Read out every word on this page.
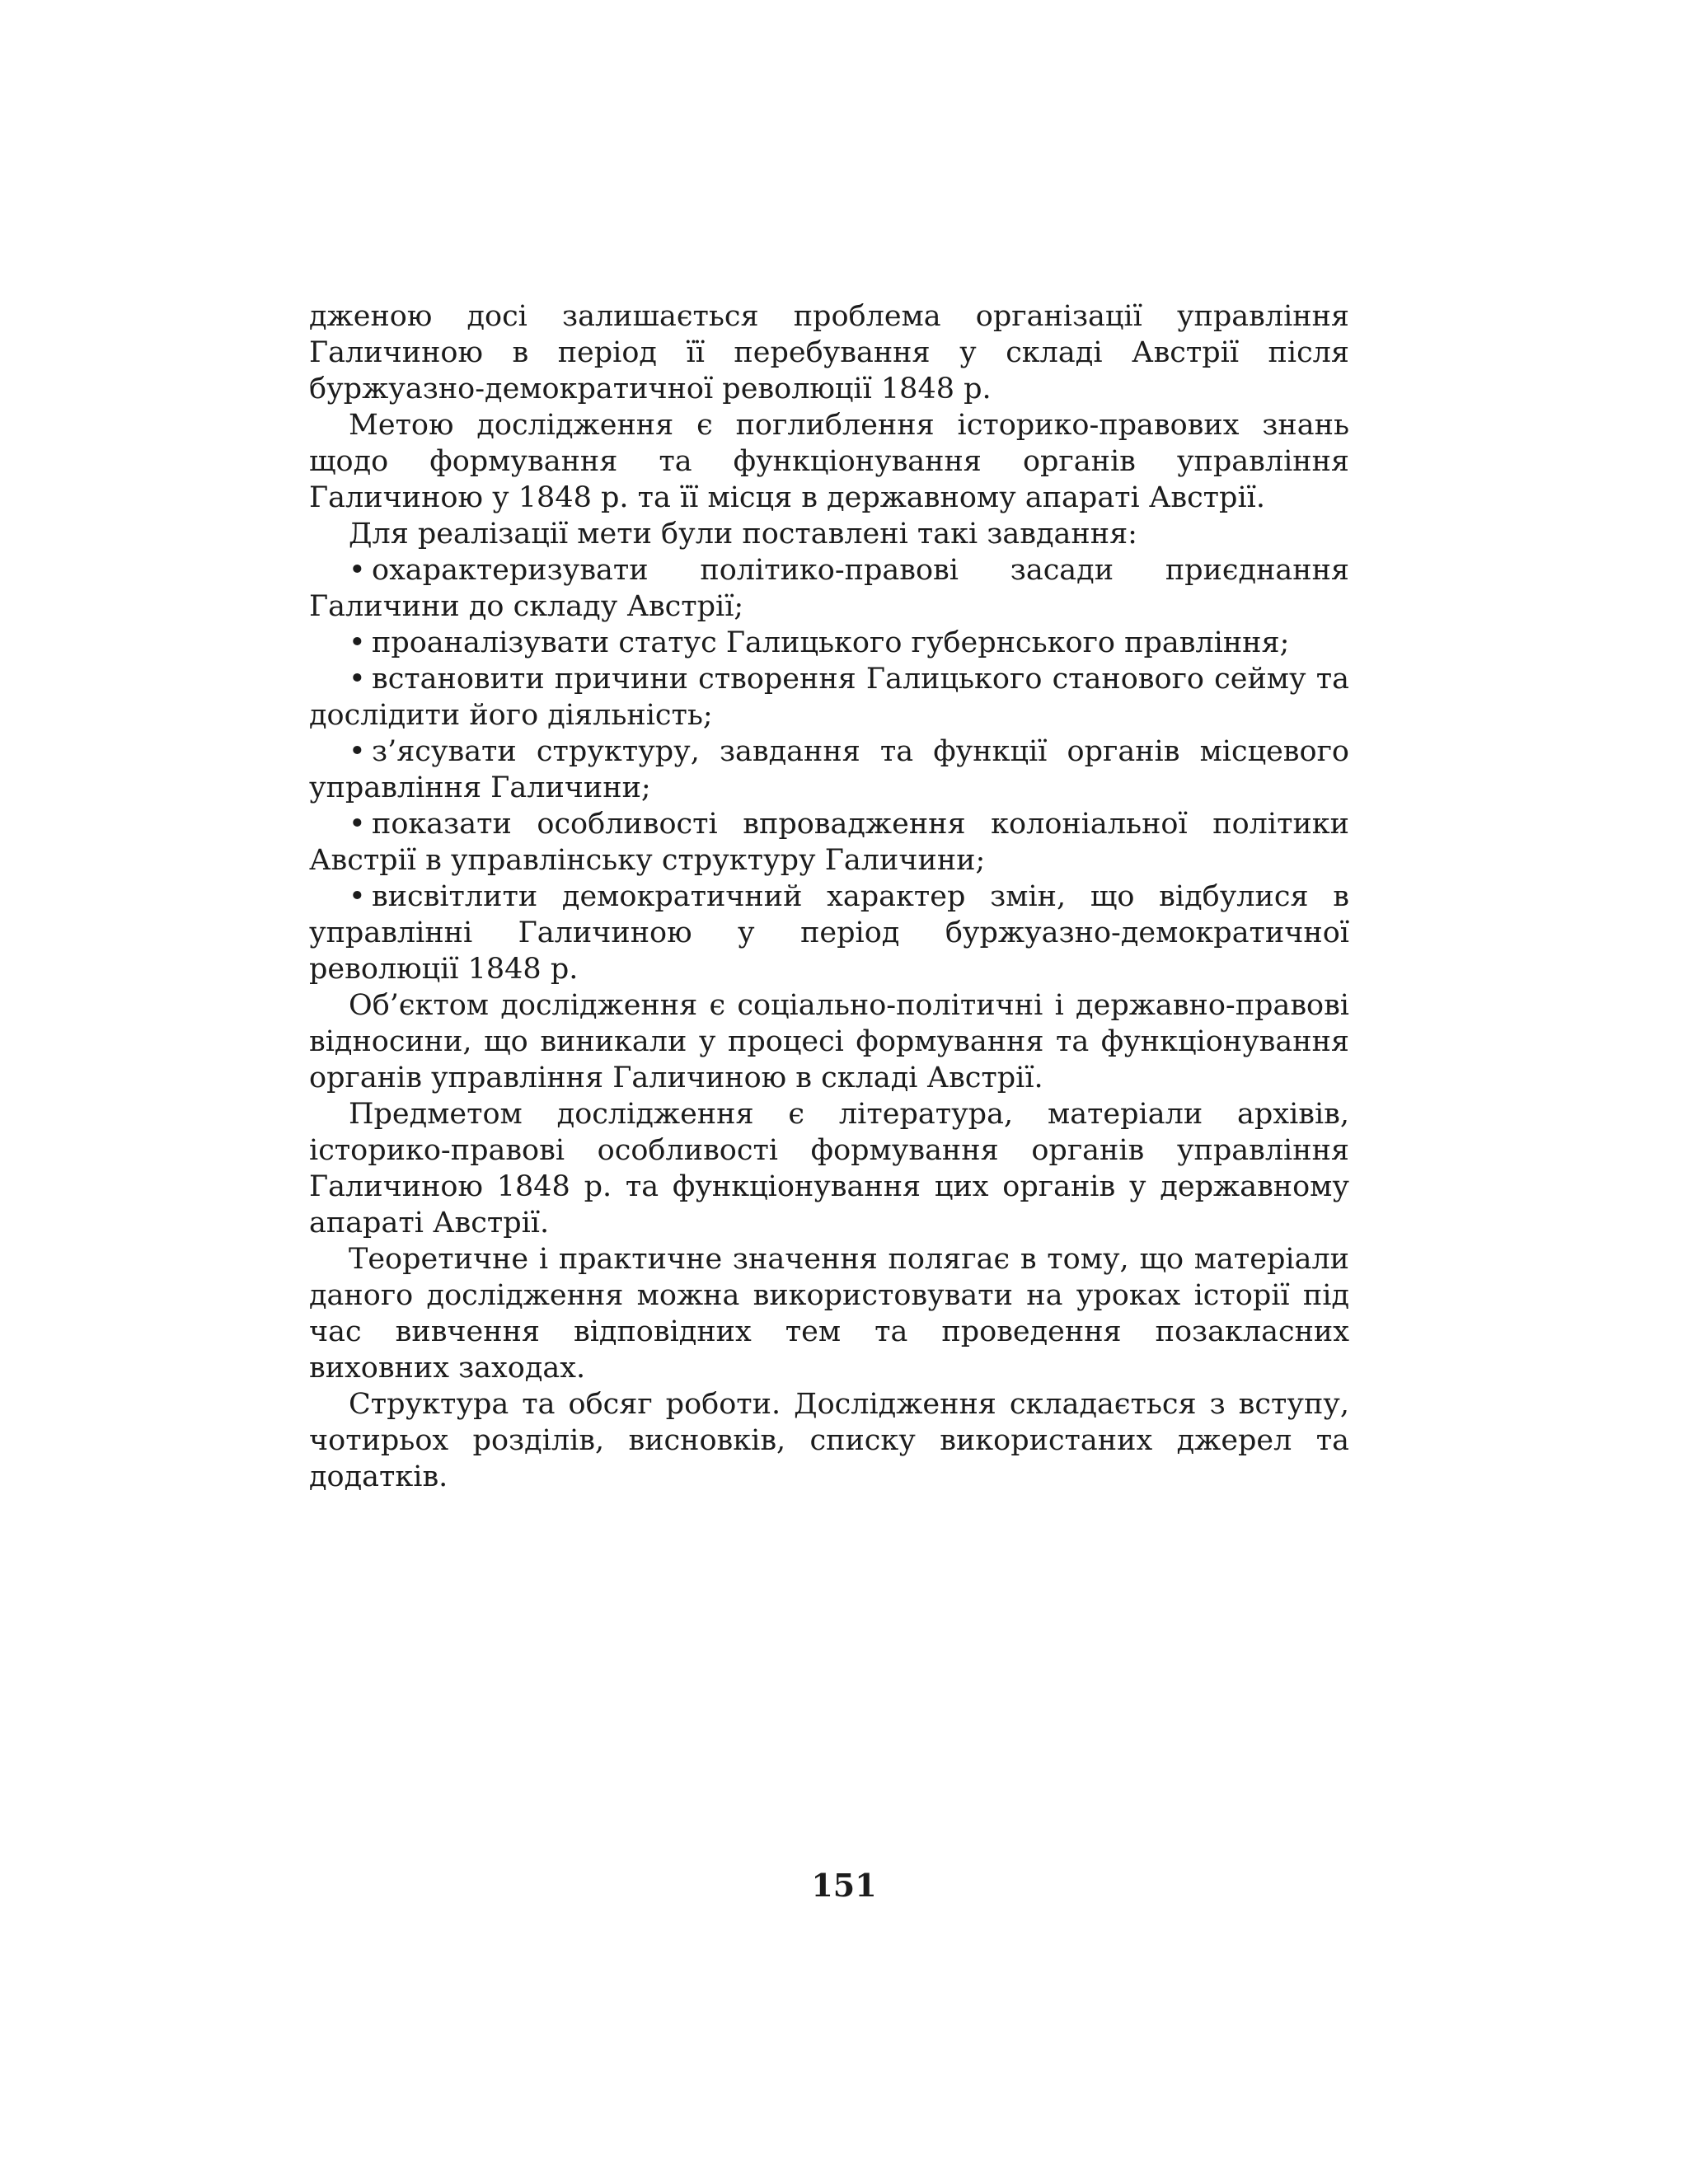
дженою досі залишається проблема організації управління Галичиною в період її перебування у складі Австрії після буржуазно-демократичної революції 1848 р.

Метою дослідження є поглиблення історико-правових знань щодо формування та функціонування органів управління Галичиною у 1848 р. та її місця в державному апараті Австрії.

Для реалізації мети були поставлені такі завдання:

• охарактеризувати політико-правові засади приєднання Галичини до складу Австрії;

• проаналізувати статус Галицького губернського правління;

• встановити причини створення Галицького станового сейму та дослідити його діяльність;

• з’ясувати структуру, завдання та функції органів місцевого управління Галичини;

• показати особливості впровадження колоніальної політики Австрії в управлінську структуру Галичини;

• висвітлити демократичний характер змін, що відбулися в управлінні Галичиною у період буржуазно-демократичної революції 1848 р.

Об’єктом дослідження є соціально-політичні і державно-правові відносини, що виникали у процесі формування та функціонування органів управління Галичиною в складі Австрії.

Предметом дослідження є література, матеріали архівів, історико-правові особливості формування органів управління Галичиною 1848 р. та функціонування цих органів у державному апараті Австрії.

Теоретичне і практичне значення полягає в тому, що матеріали даного дослідження можна використовувати на уроках історії під час вивчення відповідних тем та проведення позакласних виховних заходах.

Структура та обсяг роботи. Дослідження складається з вступу, чотирьох розділів, висновків, списку використаних джерел та додатків.

151
